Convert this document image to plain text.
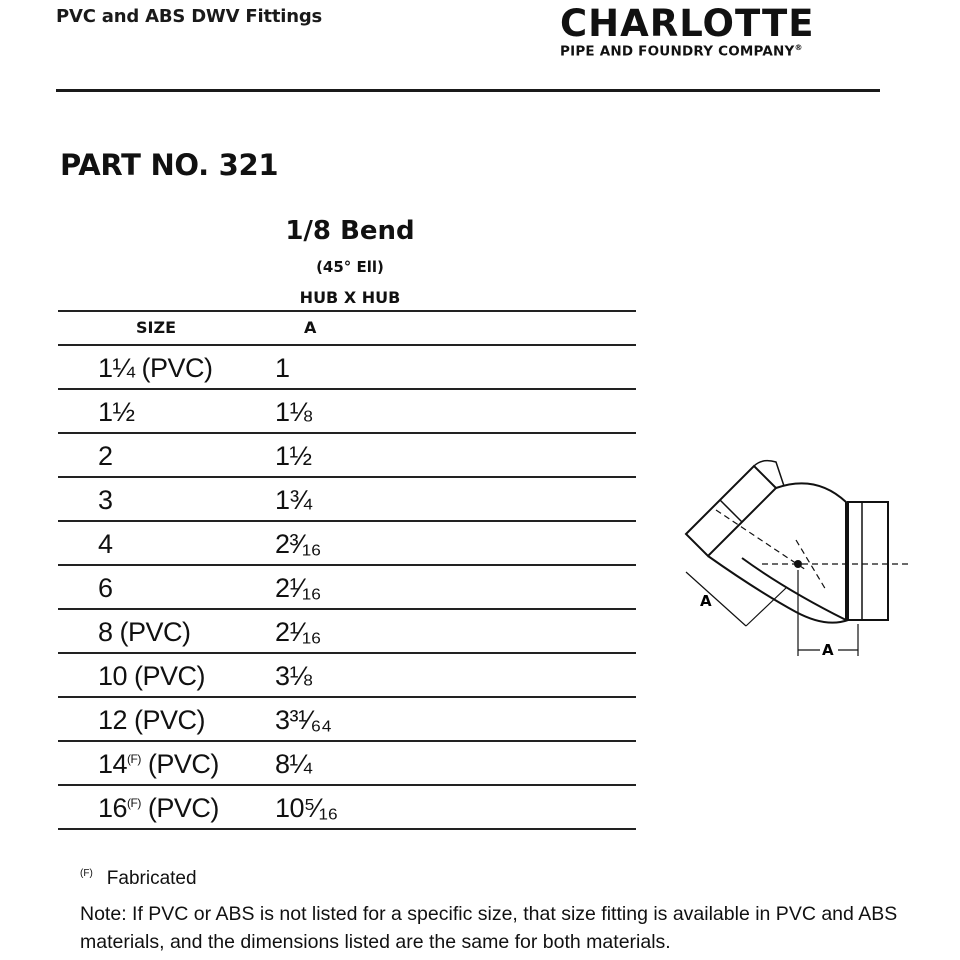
PVC and ABS DWV Fittings	CHARLOTTE
PIPE AND FOUNDRY COMPANY®
PART NO. 321
1/8 Bend
(45° Ell)
HUB X HUB
SIZE	A
1¼ (PVC) 1
1½	1⅛
2	1½
3	1¾
4	2³⁄₁₆
6	2¹⁄₁₆
8 (PVC)	2¹⁄₁₆
10 (PVC)	3⅛
12 (PVC)	3³¹⁄₆₄
$14^{(F)}$ (PVC) 8¼
$16^{(F)}$ (PVC) 10⁵⁄₁₆
A
A
$^{(F)}$ Fabricated
Note: If PVC or ABS is not listed for a specific size, that size fitting is available in PVC and ABS materials, and the dimensions listed are the same for both materials.
